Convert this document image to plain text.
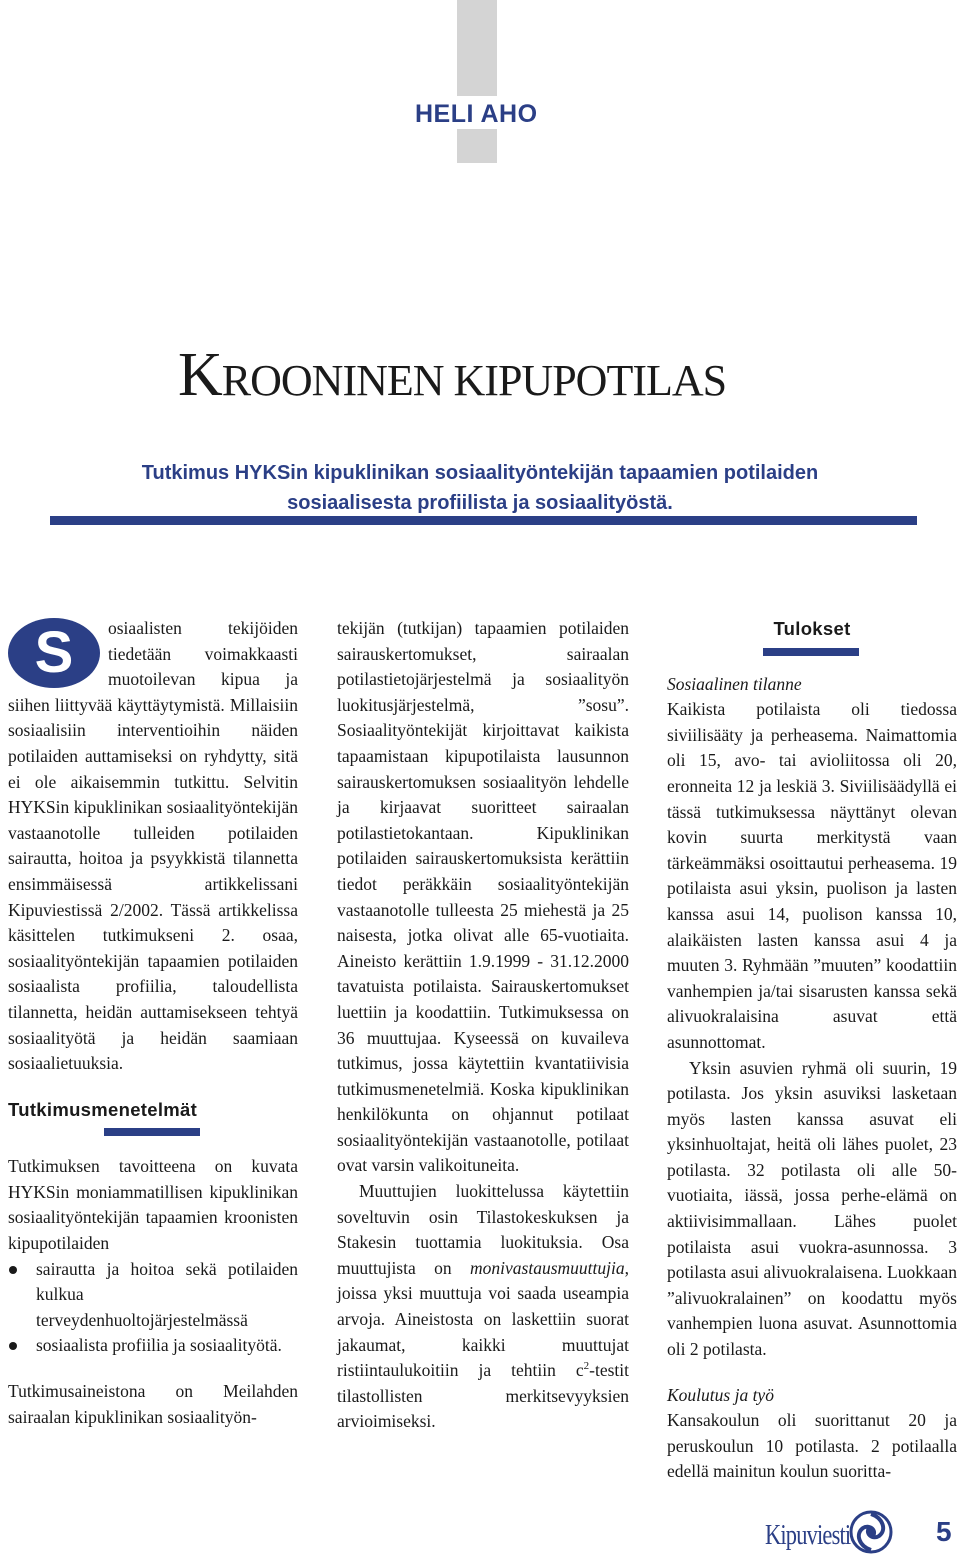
HELI AHO
KROONINEN KIPUPOTILAS
Tutkimus HYKSin kipuklinikan sosiaalityöntekijän tapaamien potilaiden
sosiaalisesta profiilista ja sosiaalityöstä.
S	osiaalisten tekijöiden tiedetään voimakkaasti muotoilevan kipua ja siihen liittyvää käyttäytymistä. Millaisiin sosiaalisiin interventioihin näiden potilaiden auttamiseksi on ryhdytty, sitä ei ole aikaisemmin tutkittu. Selvitin HYKSin kipuklinikan sosiaalityöntekijän vastaanotolle tulleiden potilaiden sairautta, hoitoa ja psyykkistä tilannetta ensimmäisessä artikkelissani Kipuviestissä 2/2002. Tässä artikkelissa käsittelen tutkimukseni 2. osaa, sosiaalityöntekijän tapaamien potilaiden sosiaalista profiilia, taloudellista tilannetta, heidän auttamisekseen tehtyä sosiaalityötä ja heidän saamiaan sosiaalietuuksia.

Tutkimusmenetelmät

Tutkimuksen tavoitteena on kuvata HYKSin moniammatillisen kipuklinikan sosiaalityöntekijän tapaamien kroonisten kipupotilaiden

sairautta ja hoitoa sekä potilaiden kulkua terveydenhuoltojärjestelmässä
sosiaalista profiilia ja sosiaalityötä.

Tutkimusaineistona on Meilahden sairaalan kipuklinikan sosiaalityön-

tekijän (tutkijan) tapaamien potilaiden sairauskertomukset, sairaalan potilastietojärjestelmä ja sosiaalityön luokitusjärjestelmä, ”sosu”. Sosiaalityöntekijät kirjoittavat kaikista tapaamistaan kipupotilaista lausunnon sairauskertomuksen sosiaalityön lehdelle ja kirjaavat suoritteet sairaalan potilastietokantaan. Kipuklinikan potilaiden sairauskertomuksista kerättiin tiedot peräkkäin sosiaalityöntekijän vastaanotolle tulleesta 25 miehestä ja 25 naisesta, jotka olivat alle 65-vuotiaita. Aineisto kerättiin 1.9.1999 - 31.12.2000 tavatuista potilaista. Sairauskertomukset luettiin ja koodattiin. Tutkimuksessa on 36 muuttujaa. Kyseessä on kuvaileva tutkimus, jossa käytettiin kvantatiivisia tutkimusmenetelmiä. Koska kipuklinikan henkilökunta on ohjannut potilaat sosiaalityöntekijän vastaanotolle, potilaat ovat varsin valikoituneita.

Muuttujien luokittelussa käytettiin soveltuvin osin Tilastokeskuksen ja Stakesin tuottamia luokituksia. Osa muuttujista on monivastausmuuttujia, joissa yksi muuttuja voi saada useampia arvoja. Aineistosta on laskettiin suorat jakaumat, kaikki muuttujat ristiintaulukoitiin ja tehtiin $c^2$-testit tilastollisten merkitsevyyksien arvioimiseksi.

Tulokset

Sosiaalinen tilanne

Kaikista potilaista oli tiedossa siviilisääty ja perheasema. Naimattomia oli 15, avo- tai avioliitossa oli 20, eronneita 12 ja leskiä 3. Siviilisäädyllä ei tässä tutkimuksessa näyttänyt olevan kovin suurta merkitystä vaan tärkeämmäksi osoittautui perheasema. 19 potilaista asui yksin, puolison ja lasten kanssa asui 14, puolison kanssa 10, alaikäisten lasten kanssa asui 4 ja muuten 3. Ryhmään ”muuten” koodattiin vanhempien ja/tai sisarusten kanssa sekä alivuokralaisina asuvat että asunnottomat.

Yksin asuvien ryhmä oli suurin, 19 potilasta. Jos yksin asuviksi lasketaan myös lasten kanssa asuvat eli yksinhuoltajat, heitä oli lähes puolet, 23 potilasta. 32 potilasta oli alle 50-vuotiaita, iässä, jossa perhe-elämä on aktiivisimmallaan. Lähes puolet potilaista asui vuokra-asunnossa. 3 potilasta asui alivuokralaisena. Luokkaan ”alivuokralainen” on koodattu myös vanhempien luona asuvat. Asunnottomia oli 2 potilasta.

Koulutus ja työ

Kansakoulun oli suorittanut 20 ja peruskoulun 10 potilasta. 2 potilaalla edellä mainitun koulun suoritta-

Kipuviesti	5
